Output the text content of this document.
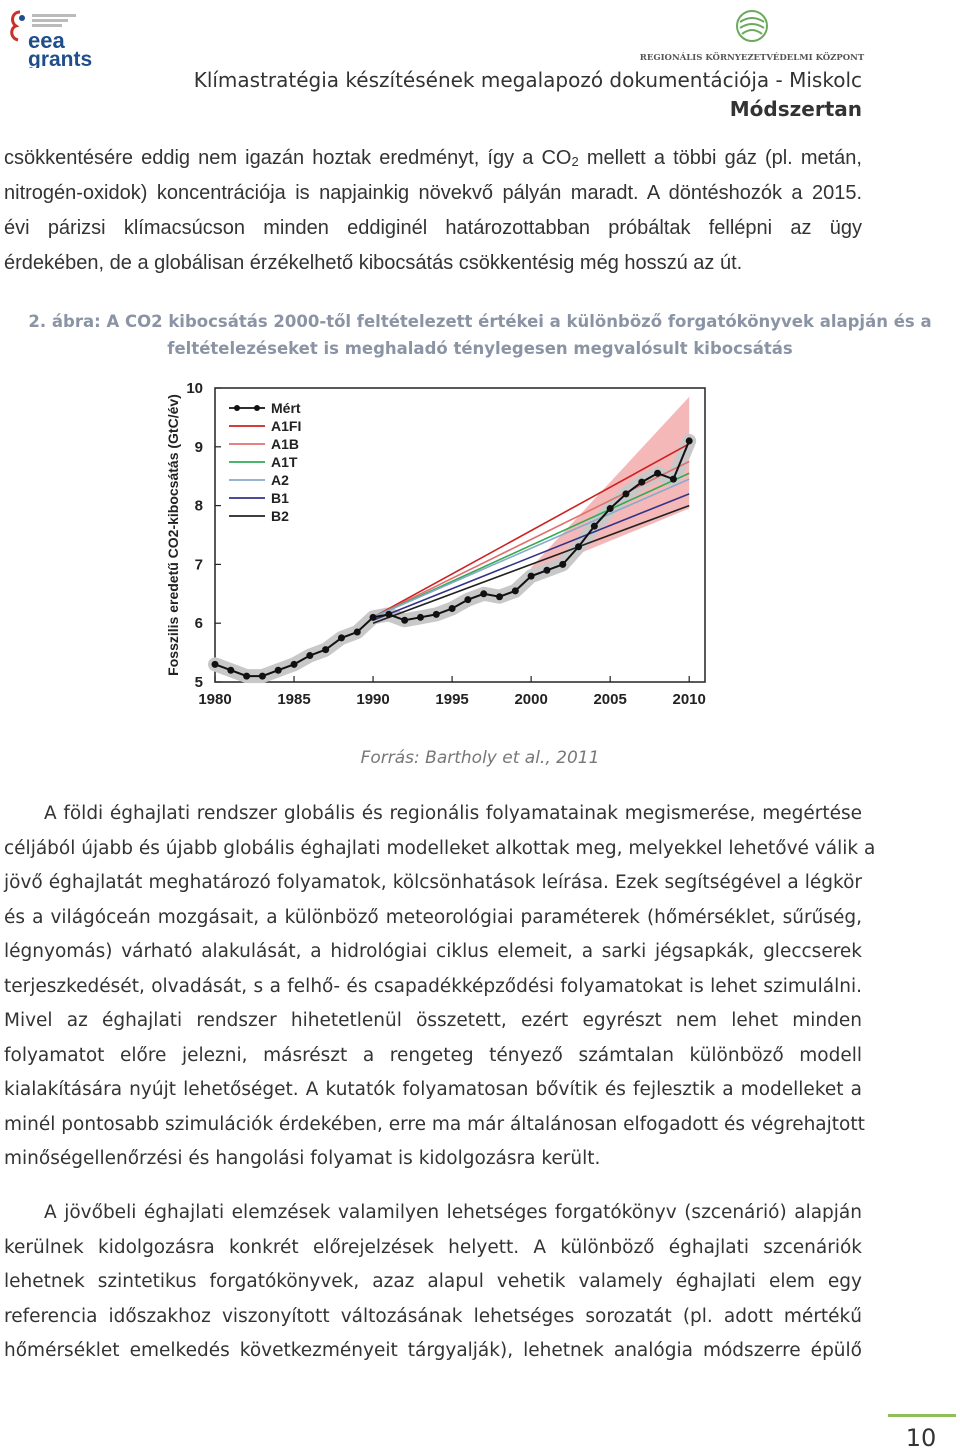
eea
grants	REGIONÁLIS KÖRNYEZETVÉDELMI KÖZPONT
Klímastratégia készítésének megalapozó dokumentációja - Miskolc
Módszertan
csökkentésére eddig nem igazán hoztak eredményt, így a $CO_2$ mellett a többi gáz (pl. metán,
nitrogén-oxidok) koncentrációja is napjainkig növekvő pályán maradt. A döntéshozók a 2015.
évi párizsi klímacsúcson minden eddiginél határozottabban próbáltak fellépni az ügy
érdekében, de a globálisan érzékelhető kibocsátás csökkentésig még hosszú az út.
2. ábra: A CO2 kibocsátás 2000-től feltételezett értékei a különböző forgatókönyvek alapján és a
feltételezéseket is meghaladó ténylegesen megvalósult kibocsátás
1980	1985	1990	1995	2000	2005	2010
5
6
7
8
9
10
Fosszilis eredetű CO2-kibocsátás (GtC/év)	Mért
A1FI
A1B
A1T
A2
B1
B2
Forrás: Bartholy et al., 2011
A földi éghajlati rendszer globális és regionális folyamatainak megismerése, megértése
céljából újabb és újabb globális éghajlati modelleket alkottak meg, melyekkel lehetővé válik a
jövő éghajlatát meghatározó folyamatok, kölcsönhatások leírása. Ezek segítségével a légkör
és a világóceán mozgásait, a különböző meteorológiai paraméterek (hőmérséklet, sűrűség,
légnyomás) várható alakulását, a hidrológiai ciklus elemeit, a sarki jégsapkák, gleccserek
terjeszkedését, olvadását, s a felhő- és csapadékképződési folyamatokat is lehet szimulálni.
Mivel az éghajlati rendszer hihetetlenül összetett, ezért egyrészt nem lehet minden
folyamatot előre jelezni, másrészt a rengeteg tényező számtalan különböző modell
kialakítására nyújt lehetőséget. A kutatók folyamatosan bővítik és fejlesztik a modelleket a
minél pontosabb szimulációk érdekében, erre ma már általánosan elfogadott és végrehajtott
minőségellenőrzési és hangolási folyamat is kidolgozásra került.
A jövőbeli éghajlati elemzések valamilyen lehetséges forgatókönyv (szcenárió) alapján
kerülnek kidolgozásra konkrét előrejelzések helyett. A különböző éghajlati szcenáriók
lehetnek szintetikus forgatókönyvek, azaz alapul vehetik valamely éghajlati elem egy
referencia időszakhoz viszonyított változásának lehetséges sorozatát (pl. adott mértékű
hőmérséklet emelkedés következményeit tárgyalják), lehetnek analógia módszerre épülő
10
